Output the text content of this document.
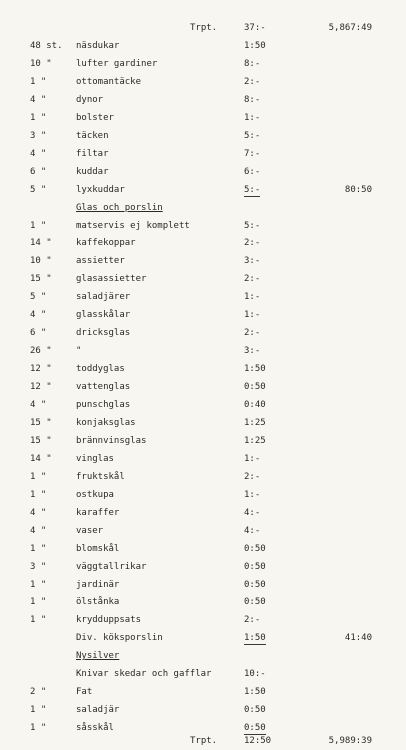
Trpt.	37:-	5,867:49
48 st. näsdukar	1:50
10 "	lufter gardiner	8:-
1 "	ottomantäcke	2:-
4 "	dynor	8:-
1 "	bolster	1:-
3 "	täcken	5:-
4 "	filtar	7:-
6 "	kuddar	6:-
5 "	lyxkuddar	5:-	80:50
Glas och porslin
1 "	matservis ej komplett	5:-
14 "	kaffekoppar	2:-
10 "	assietter	3:-
15 "	glasassietter	2:-
5 "	saladjärer	1:-
4 "	glasskålar	1:-
6 "	dricksglas	2:-
26 "	"	3:-
12 "	toddyglas	1:50
12 "	vattenglas	0:50
4 "	punschglas	0:40
15 "	konjaksglas	1:25
15 "	brännvinsglas	1:25
14 "	vinglas	1:-
1 "	fruktskål	2:-
1 "	ostkupa	1:-
4 "	karaffer	4:-
4 "	vaser	4:-
1 "	blomskål	0:50
3 "	väggtallrikar	0:50
1 "	jardinär	0:50
1 "	ölstånka	0:50
1 "	krydduppsats	2:-
Div. köksporslin	1:50	41:40
Nysilver
Knivar skedar och gafflar	10:-
2 "	Fat	1:50
1 "	saladjär	0:50
1 "	såsskål	0:50
Trpt.	12:50	5,989:39
